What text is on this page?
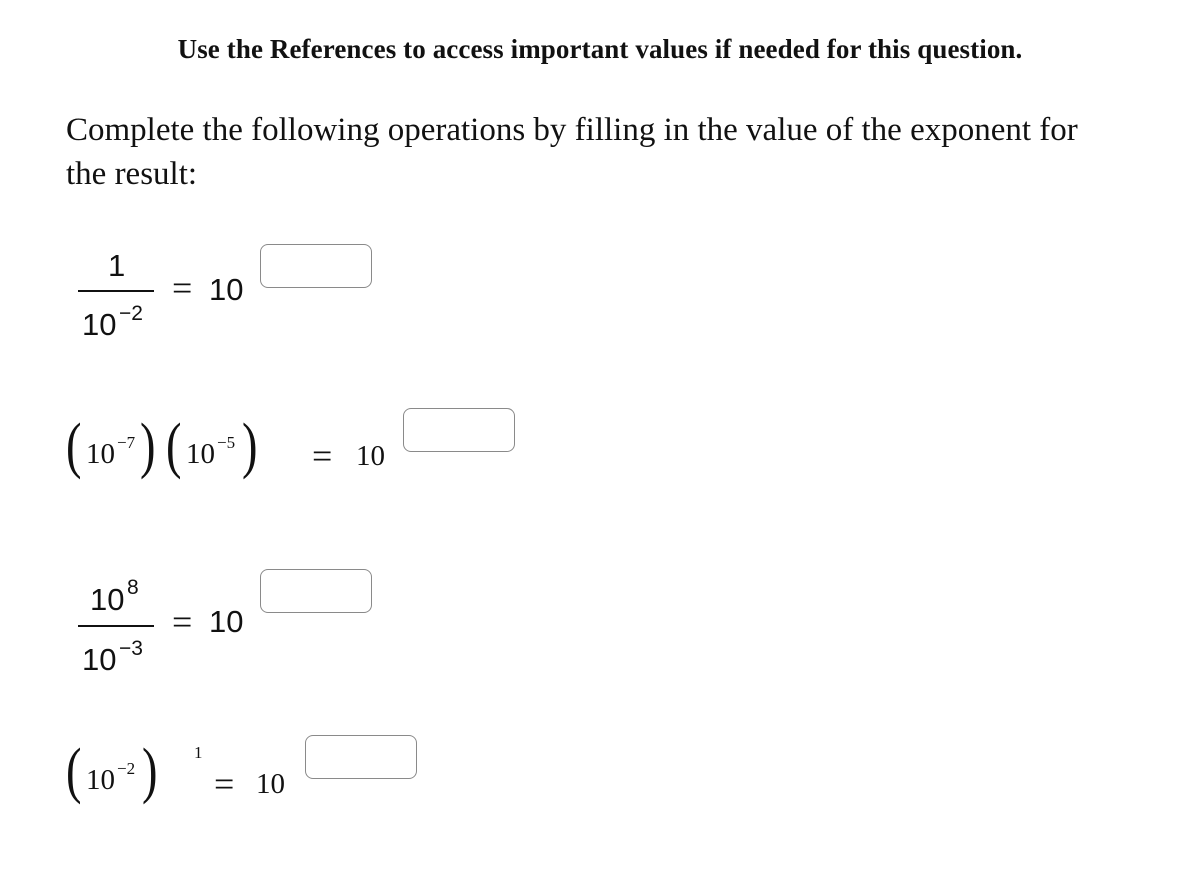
Use the References to access important values if needed for this question.
Complete the following operations by filling in the value of the exponent for the result:
1
10 −2
= 10
( 10 −7 ) ( 10 −5 ) = 10
10 8
10 −3
= 10
( 10 −2 ) 1
= 10
